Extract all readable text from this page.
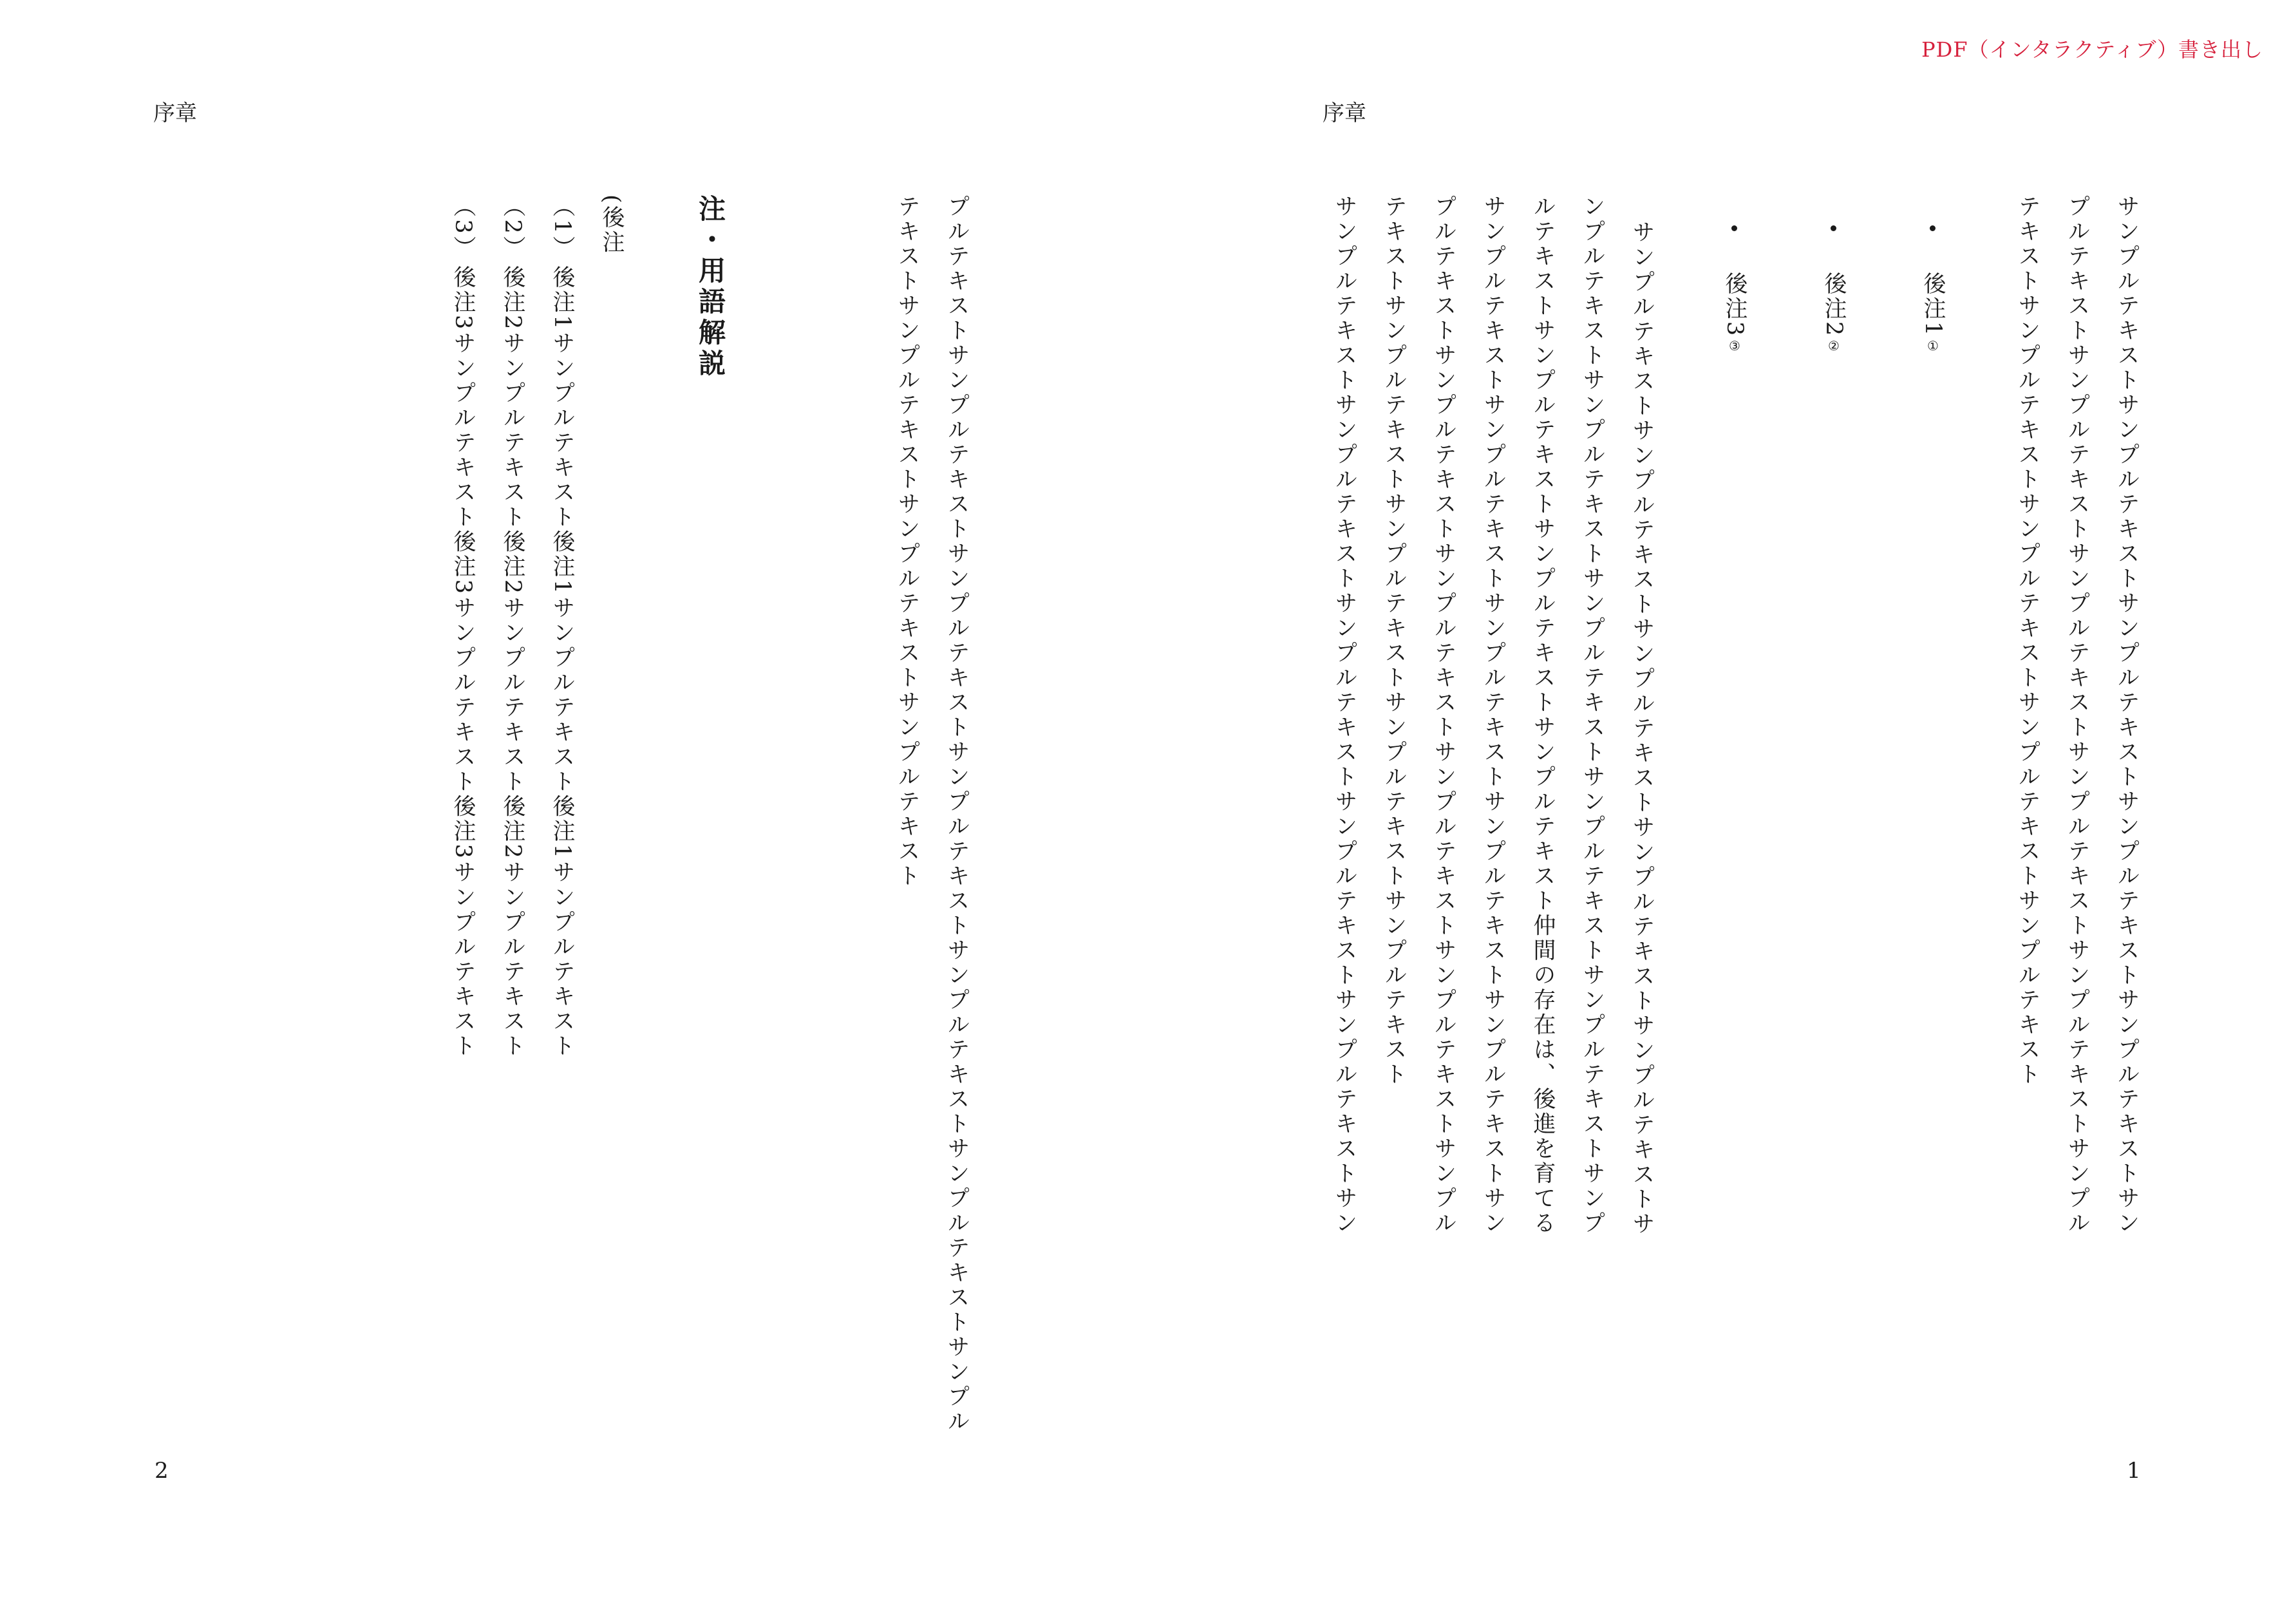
PDF（インタラクティブ）書き出し
序章
プルテキストサンプルテキストサンプルテキストサンプルテキストサンプルテキストサンプルテキストサンプル
テキストサンプルテキストサンプルテキストサンプルテキスト
注・用語解説
(後注
（1）
後注1サンプルテキスト後注1サンプルテキスト後注1サンプルテキスト
（2）
後注2サンプルテキスト後注2サンプルテキスト後注2サンプルテキスト
（3）
後注3サンプルテキスト後注3サンプルテキスト後注3サンプルテキスト
2
序章
サンプルテキストサンプルテキストサンプルテキストサンプルテキストサンプルテキストサン
プルテキストサンプルテキストサンプルテキストサンプルテキストサンプルテキストサンプル
テキストサンプルテキストサンプルテキストサンプルテキストサンプルテキスト
後注1①
後注2②
後注3③
サンプルテキストサンプルテキストサンプルテキストサンプルテキストサンプルテキストサ
ンプルテキストサンプルテキストサンプルテキストサンプルテキストサンプルテキストサンプ
ルテキストサンプルテキストサンプルテキストサンプルテキスト仲間の存在は、後進を育てる
サンプルテキストサンプルテキストサンプルテキストサンプルテキストサンプルテキストサン
プルテキストサンプルテキストサンプルテキストサンプルテキストサンプルテキストサンプル
テキストサンプルテキストサンプルテキストサンプルテキストサンプルテキスト
サンプルテキストサンプルテキストサンプルテキストサンプルテキストサンプルテキストサン
1
